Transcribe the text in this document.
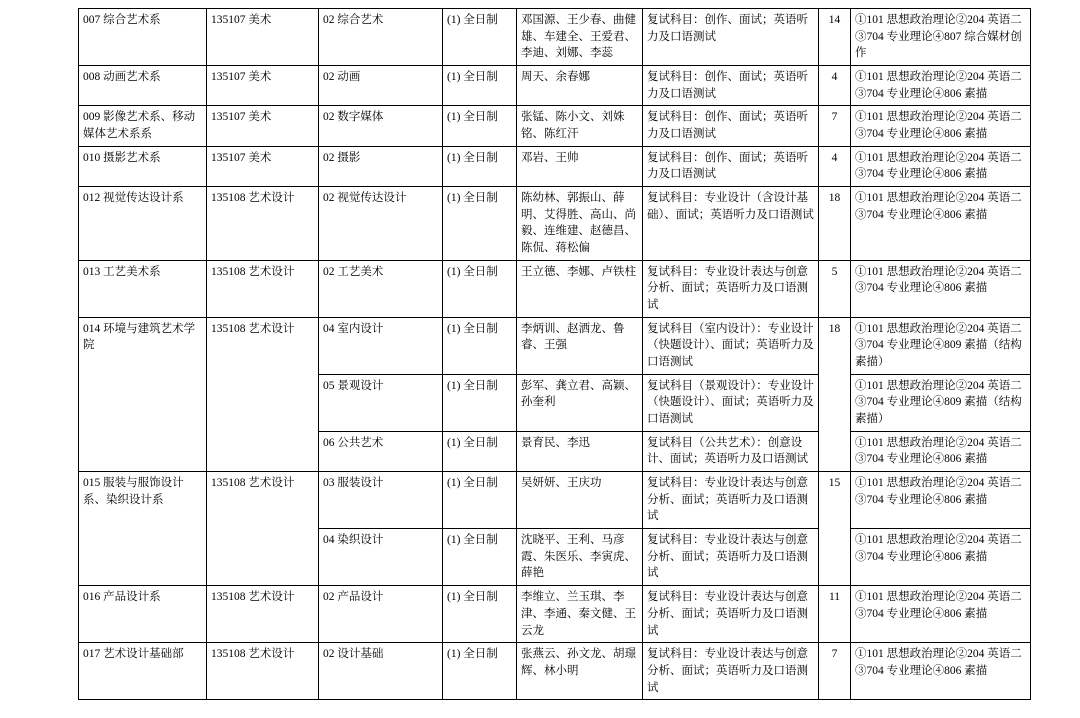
007 综合艺术系	135107 美术	02 综合艺术	(1) 全日制	邓国源、王少春、曲健雄、车建全、王爱君、李迪、刘娜、李蕊	复试科目：创作、面试；英语听力及口语测试	14	①101 思想政治理论②204 英语二③704 专业理论④807 综合媒材创作
008 动画艺术系	135107 美术	02 动画	(1) 全日制	周天、余春娜	复试科目：创作、面试；英语听力及口语测试	4	①101 思想政治理论②204 英语二③704 专业理论④806 素描
009 影像艺术系、移动媒体艺术系系	135107 美术	02 数字媒体	(1) 全日制	张锰、陈小文、刘姝铭、陈红汗	复试科目：创作、面试；英语听力及口语测试	7	①101 思想政治理论②204 英语二③704 专业理论④806 素描
010 摄影艺术系	135107 美术	02 摄影	(1) 全日制	邓岩、王帅	复试科目：创作、面试；英语听力及口语测试	4	①101 思想政治理论②204 英语二③704 专业理论④806 素描
012 视觉传达设计系	135108 艺术设计	02 视觉传达设计	(1) 全日制	陈幼林、郭振山、薛明、艾得胜、高山、尚毅、连维建、赵德昌、陈侃、蒋松偏	复试科目：专业设计（含设计基础）、面试；英语听力及口语测试	18	①101 思想政治理论②204 英语二③704 专业理论④806 素描
013 工艺美术系	135108 艺术设计	02 工艺美术	(1) 全日制	王立德、李娜、卢铁柱	复试科目：专业设计表达与创意分析、面试；英语听力及口语测试	5	①101 思想政治理论②204 英语二③704 专业理论④806 素描
014 环境与建筑艺术学院	135108 艺术设计	04 室内设计	(1) 全日制	李炳训、赵洒龙、鲁睿、王强	复试科目（室内设计）：专业设计（快题设计）、面试；英语听力及口语测试	18	①101 思想政治理论②204 英语二③704 专业理论④809 素描（结构素描）
		05 景观设计	(1) 全日制	彭军、龚立君、高颖、孙奎利	复试科目（景观设计）：专业设计（快题设计）、面试；英语听力及口语测试		①101 思想政治理论②204 英语二③704 专业理论④809 素描（结构素描）
		06 公共艺术	(1) 全日制	景育民、李迅	复试科目（公共艺术）：创意设计、面试；英语听力及口语测试		①101 思想政治理论②204 英语二③704 专业理论④806 素描
015 服装与服饰设计系、染织设计系	135108 艺术设计	03 服装设计	(1) 全日制	吴妍妍、王庆功	复试科目：专业设计表达与创意分析、面试；英语听力及口语测试	15	①101 思想政治理论②204 英语二③704 专业理论④806 素描
		04 染织设计	(1) 全日制	沈晓平、王利、马彦霞、朱医乐、李寅虎、薛艳	复试科目：专业设计表达与创意分析、面试；英语听力及口语测试		①101 思想政治理论②204 英语二③704 专业理论④806 素描
016 产品设计系	135108 艺术设计	02 产品设计	(1) 全日制	李维立、兰玉琪、李津、李通、秦文健、王云龙	复试科目：专业设计表达与创意分析、面试；英语听力及口语测试	11	①101 思想政治理论②204 英语二③704 专业理论④806 素描
017 艺术设计基础部	135108 艺术设计	02 设计基础	(1) 全日制	张燕云、孙文龙、胡璟辉、林小明	复试科目：专业设计表达与创意分析、面试；英语听力及口语测试	7	①101 思想政治理论②204 英语二③704 专业理论④806 素描
